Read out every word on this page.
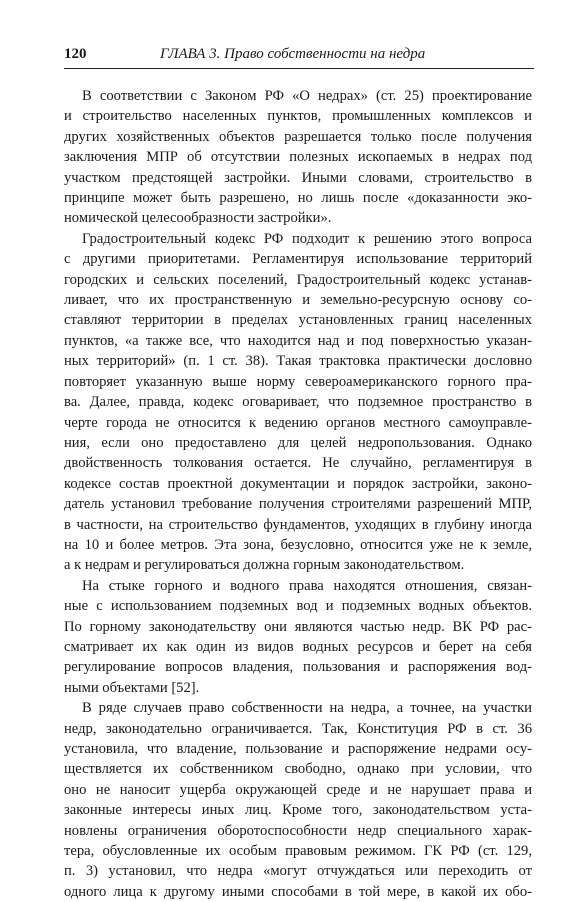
120	ГЛАВА 3. Право собственности на недра
В соответствии с Законом РФ «О недрах» (ст. 25) проектирование
и строительство населенных пунктов, промышленных комплексов и
других хозяйственных объектов разрешается только после получения
заключения МПР об отсутствии полезных ископаемых в недрах под
участком предстоящей застройки. Иными словами, строительство в
принципе может быть разрешено, но лишь после «доказанности эко-
номической целесообразности застройки».
Градостроительный кодекс РФ подходит к решению этого вопроса
с другими приоритетами. Регламентируя использование территорий
городских и сельских поселений, Градостроительный кодекс устанав-
ливает, что их пространственную и земельно-ресурсную основу со-
ставляют территории в пределах установленных границ населенных
пунктов, «а также все, что находится над и под поверхностью указан-
ных территорий» (п. 1 ст. 38). Такая трактовка практически дословно
повторяет указанную выше норму североамериканского горного пра-
ва. Далее, правда, кодекс оговаривает, что подземное пространство в
черте города не относится к ведению органов местного самоуправле-
ния, если оно предоставлено для целей недропользования. Однако
двойственность толкования остается. Не случайно, регламентируя в
кодексе состав проектной документации и порядок застройки, законо-
датель установил требование получения строителями разрешений МПР,
в частности, на строительство фундаментов, уходящих в глубину иногда
на 10 и более метров. Эта зона, безусловно, относится уже не к земле,
а к недрам и регулироваться должна горным законодательством.
На стыке горного и водного права находятся отношения, связан-
ные с использованием подземных вод и подземных водных объектов.
По горному законодательству они являются частью недр. ВК РФ рас-
сматривает их как один из видов водных ресурсов и берет на себя
регулирование вопросов владения, пользования и распоряжения вод-
ными объектами [52].
В ряде случаев право собственности на недра, а точнее, на участки
недр, законодательно ограничивается. Так, Конституция РФ в ст. 36
установила, что владение, пользование и распоряжение недрами осу-
ществляется их собственником свободно, однако при условии, что
оно не наносит ущерба окружающей среде и не нарушает права и
законные интересы иных лиц. Кроме того, законодательством уста-
новлены ограничения оборотоспособности недр специального харак-
тера, обусловленные их особым правовым режимом. ГК РФ (ст. 129,
п. 3) установил, что недра «могут отчуждаться или переходить от
одного лица к другому иными способами в той мере, в какой их обо-
